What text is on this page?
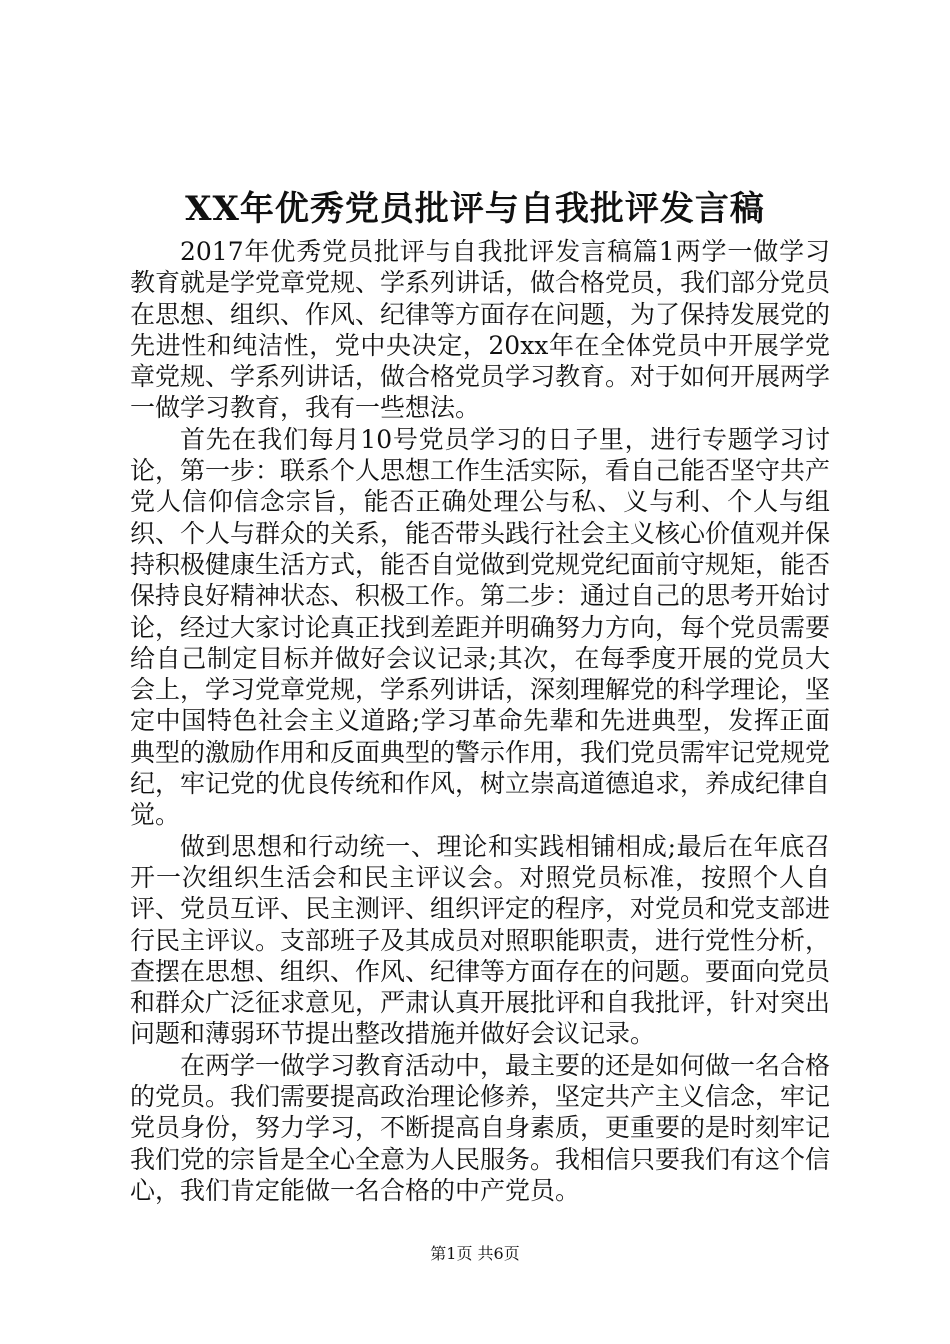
XX年优秀党员批评与自我批评发言稿

2017年优秀党员批评与自我批评发言稿篇1两学一做学习教育就是学党章党规、学系列讲话，做合格党员，我们部分党员在思想、组织、作风、纪律等方面存在问题，为了保持发展党的先进性和纯洁性，党中央决定，20xx年在全体党员中开展学党章党规、学系列讲话，做合格党员学习教育。对于如何开展两学一做学习教育，我有一些想法。

首先在我们每月10号党员学习的日子里，进行专题学习讨论，第一步：联系个人思想工作生活实际，看自己能否坚守共产党人信仰信念宗旨，能否正确处理公与私、义与利、个人与组织、个人与群众的关系，能否带头践行社会主义核心价值观并保持积极健康生活方式，能否自觉做到党规党纪面前守规矩，能否保持良好精神状态、积极工作。第二步：通过自己的思考开始讨论，经过大家讨论真正找到差距并明确努力方向，每个党员需要给自己制定目标并做好会议记录;其次，在每季度开展的党员大会上，学习党章党规，学系列讲话，深刻理解党的科学理论，坚定中国特色社会主义道路;学习革命先辈和先进典型，发挥正面典型的激励作用和反面典型的警示作用，我们党员需牢记党规党纪，牢记党的优良传统和作风，树立崇高道德追求，养成纪律自觉。

做到思想和行动统一、理论和实践相铺相成;最后在年底召开一次组织生活会和民主评议会。对照党员标准，按照个人自评、党员互评、民主测评、组织评定的程序，对党员和党支部进行民主评议。支部班子及其成员对照职能职责，进行党性分析，查摆在思想、组织、作风、纪律等方面存在的问题。要面向党员和群众广泛征求意见，严肃认真开展批评和自我批评，针对突出问题和薄弱环节提出整改措施并做好会议记录。

在两学一做学习教育活动中，最主要的还是如何做一名合格的党员。我们需要提高政治理论修养，坚定共产主义信念，牢记党员身份，努力学习，不断提高自身素质，更重要的是时刻牢记我们党的宗旨是全心全意为人民服务。我相信只要我们有这个信心，我们肯定能做一名合格的中产党员。

第1页 共6页
